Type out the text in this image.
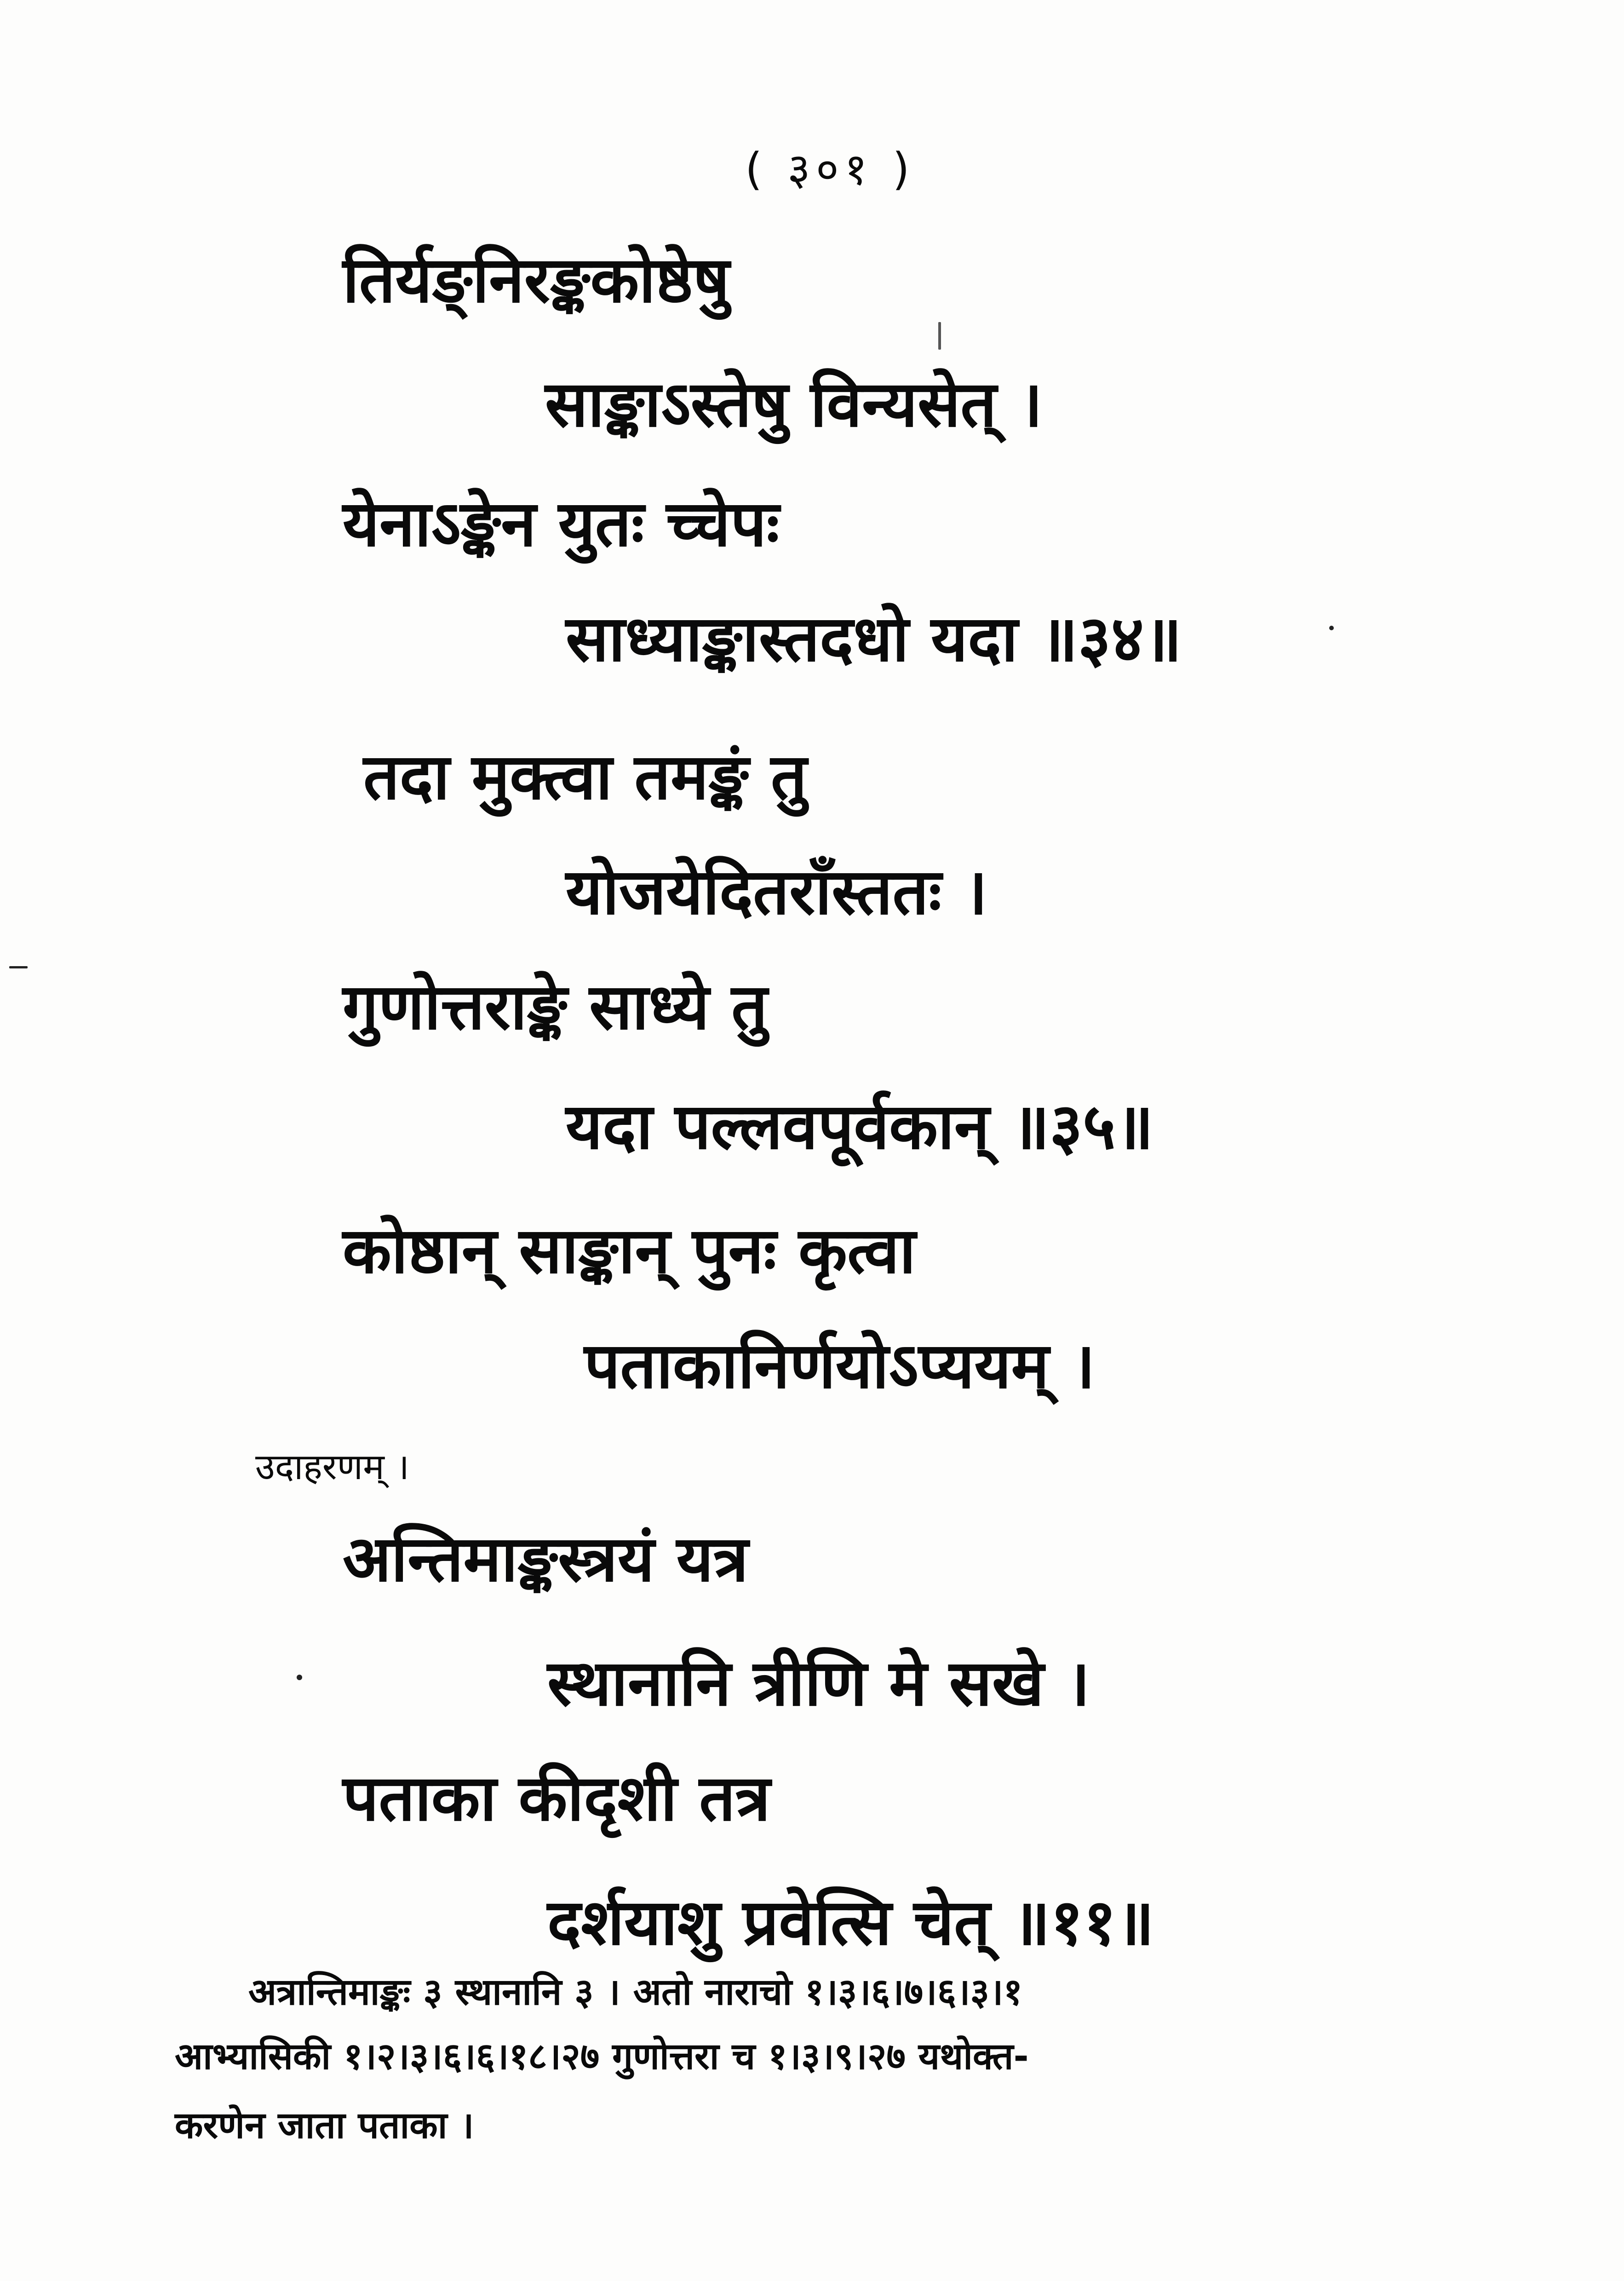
( ३०१ )
तिर्यङ्निरङ्ककोष्ठेषु
साङ्काऽस्तेषु विन्यसेत् ।
येनाऽङ्केन युतः च्चेपः
साध्याङ्कास्तदधो यदा ॥३४॥
तदा मुक्त्वा तमङ्कं तु
योजयेदितराँस्ततः ।
गुणोत्तराङ्के साध्ये तु
यदा पल्लवपूर्वकान् ॥३५॥
कोष्ठान् साङ्कान् पुनः कृत्वा
पताकानिर्णयोऽप्ययम् ।
उदाहरणम् ।
अन्तिमाङ्कस्त्रयं यत्र
स्थानानि त्रीणि मे सखे ।
पताका कीदृशी तत्र
दर्शयाशु प्रवेत्सि चेत् ॥११॥
अत्रान्तिमाङ्कः ३ स्थानानि ३ । अतो नाराचो १।३।६।७।६।३।१
आभ्यासिकी १।२।३।६।६।१८।२७ गुणोत्तरा च १।३।९।२७ यथोक्त-
करणेन जाता पताका ।
